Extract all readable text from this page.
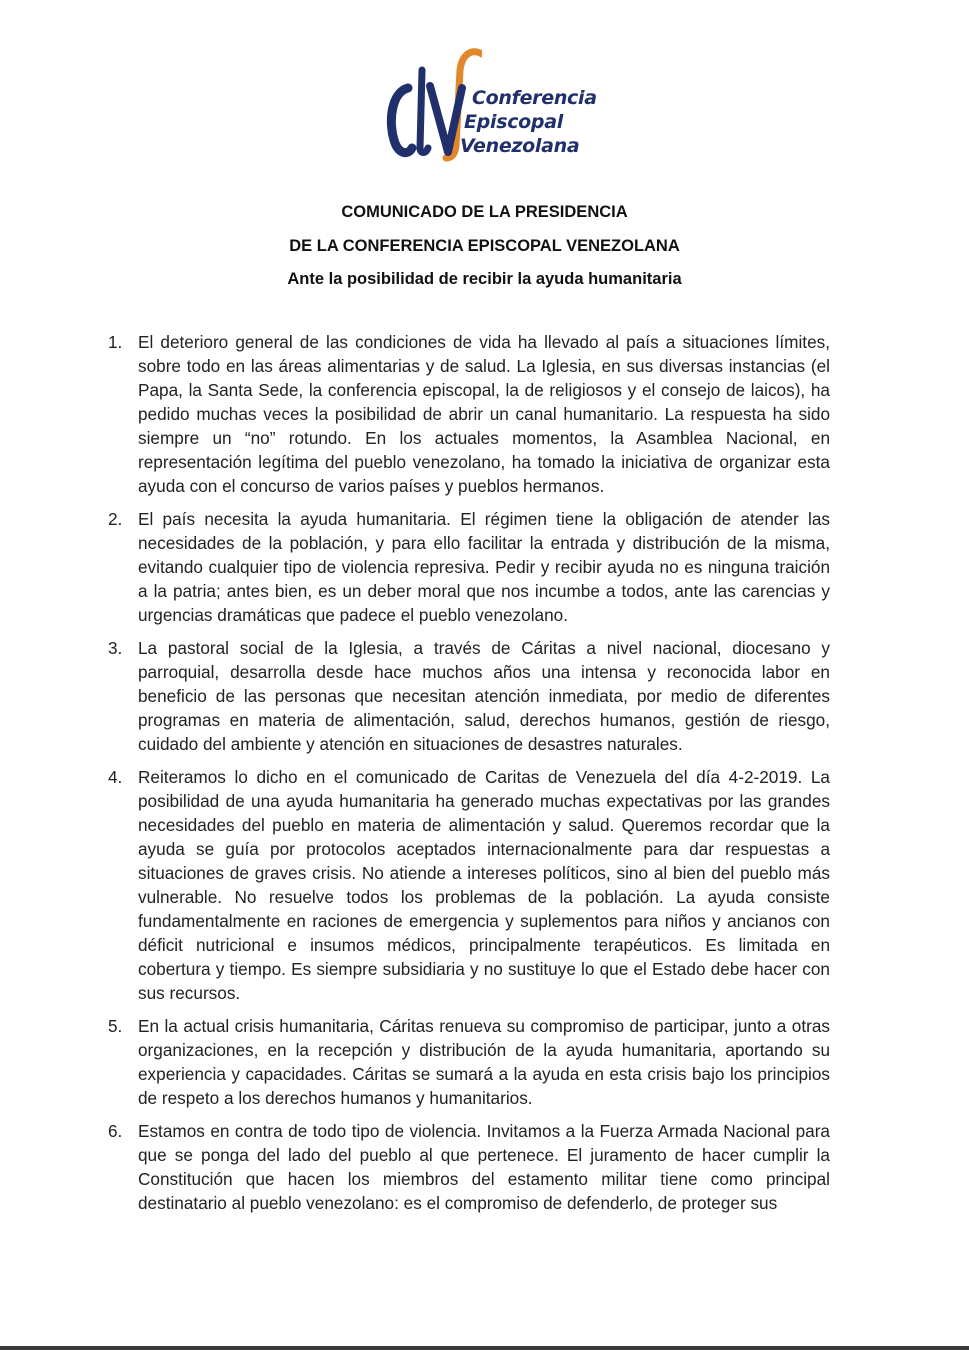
Conferencia
Episcopal
Venezolana
COMUNICADO DE LA PRESIDENCIA
DE LA CONFERENCIA EPISCOPAL VENEZOLANA
Ante la posibilidad de recibir la ayuda humanitaria
1. El deterioro general de las condiciones de vida ha llevado al país a situaciones límites, sobre todo en las áreas alimentarias y de salud. La Iglesia, en sus diversas instancias (el Papa, la Santa Sede, la conferencia episcopal, la de religiosos y el consejo de laicos), ha pedido muchas veces la posibilidad de abrir un canal humanitario. La respuesta ha sido siempre un “no” rotundo. En los actuales momentos, la Asamblea Nacional, en representación legítima del pueblo venezolano, ha tomado la iniciativa de organizar esta ayuda con el concurso de varios países y pueblos hermanos.
2. El país necesita la ayuda humanitaria. El régimen tiene la obligación de atender las necesidades de la población, y para ello facilitar la entrada y distribución de la misma, evitando cualquier tipo de violencia represiva. Pedir y recibir ayuda no es ninguna traición a la patria; antes bien, es un deber moral que nos incumbe a todos, ante las carencias y urgencias dramáticas que padece el pueblo venezolano.
3. La pastoral social de la Iglesia, a través de Cáritas a nivel nacional, diocesano y parroquial, desarrolla desde hace muchos años una intensa y reconocida labor en beneficio de las personas que necesitan atención inmediata, por medio de diferentes programas en materia de alimentación, salud, derechos humanos, gestión de riesgo, cuidado del ambiente y atención en situaciones de desastres naturales.
4. Reiteramos lo dicho en el comunicado de Caritas de Venezuela del día 4-2-2019. La posibilidad de una ayuda humanitaria ha generado muchas expectativas por las grandes necesidades del pueblo en materia de alimentación y salud. Queremos recordar que la ayuda se guía por protocolos aceptados internacionalmente para dar respuestas a situaciones de graves crisis. No atiende a intereses políticos, sino al bien del pueblo más vulnerable. No resuelve todos los problemas de la población. La ayuda consiste fundamentalmente en raciones de emergencia y suplementos para niños y ancianos con déficit nutricional e insumos médicos, principalmente terapéuticos. Es limitada en cobertura y tiempo. Es siempre subsidiaria y no sustituye lo que el Estado debe hacer con sus recursos.
5. En la actual crisis humanitaria, Cáritas renueva su compromiso de participar, junto a otras organizaciones, en la recepción y distribución de la ayuda humanitaria, aportando su experiencia y capacidades. Cáritas se sumará a la ayuda en esta crisis bajo los principios de respeto a los derechos humanos y humanitarios.
6. Estamos en contra de todo tipo de violencia. Invitamos a la Fuerza Armada Nacional para que se ponga del lado del pueblo al que pertenece. El juramento de hacer cumplir la Constitución que hacen los miembros del estamento militar tiene como principal destinatario al pueblo venezolano: es el compromiso de defenderlo, de proteger sus
